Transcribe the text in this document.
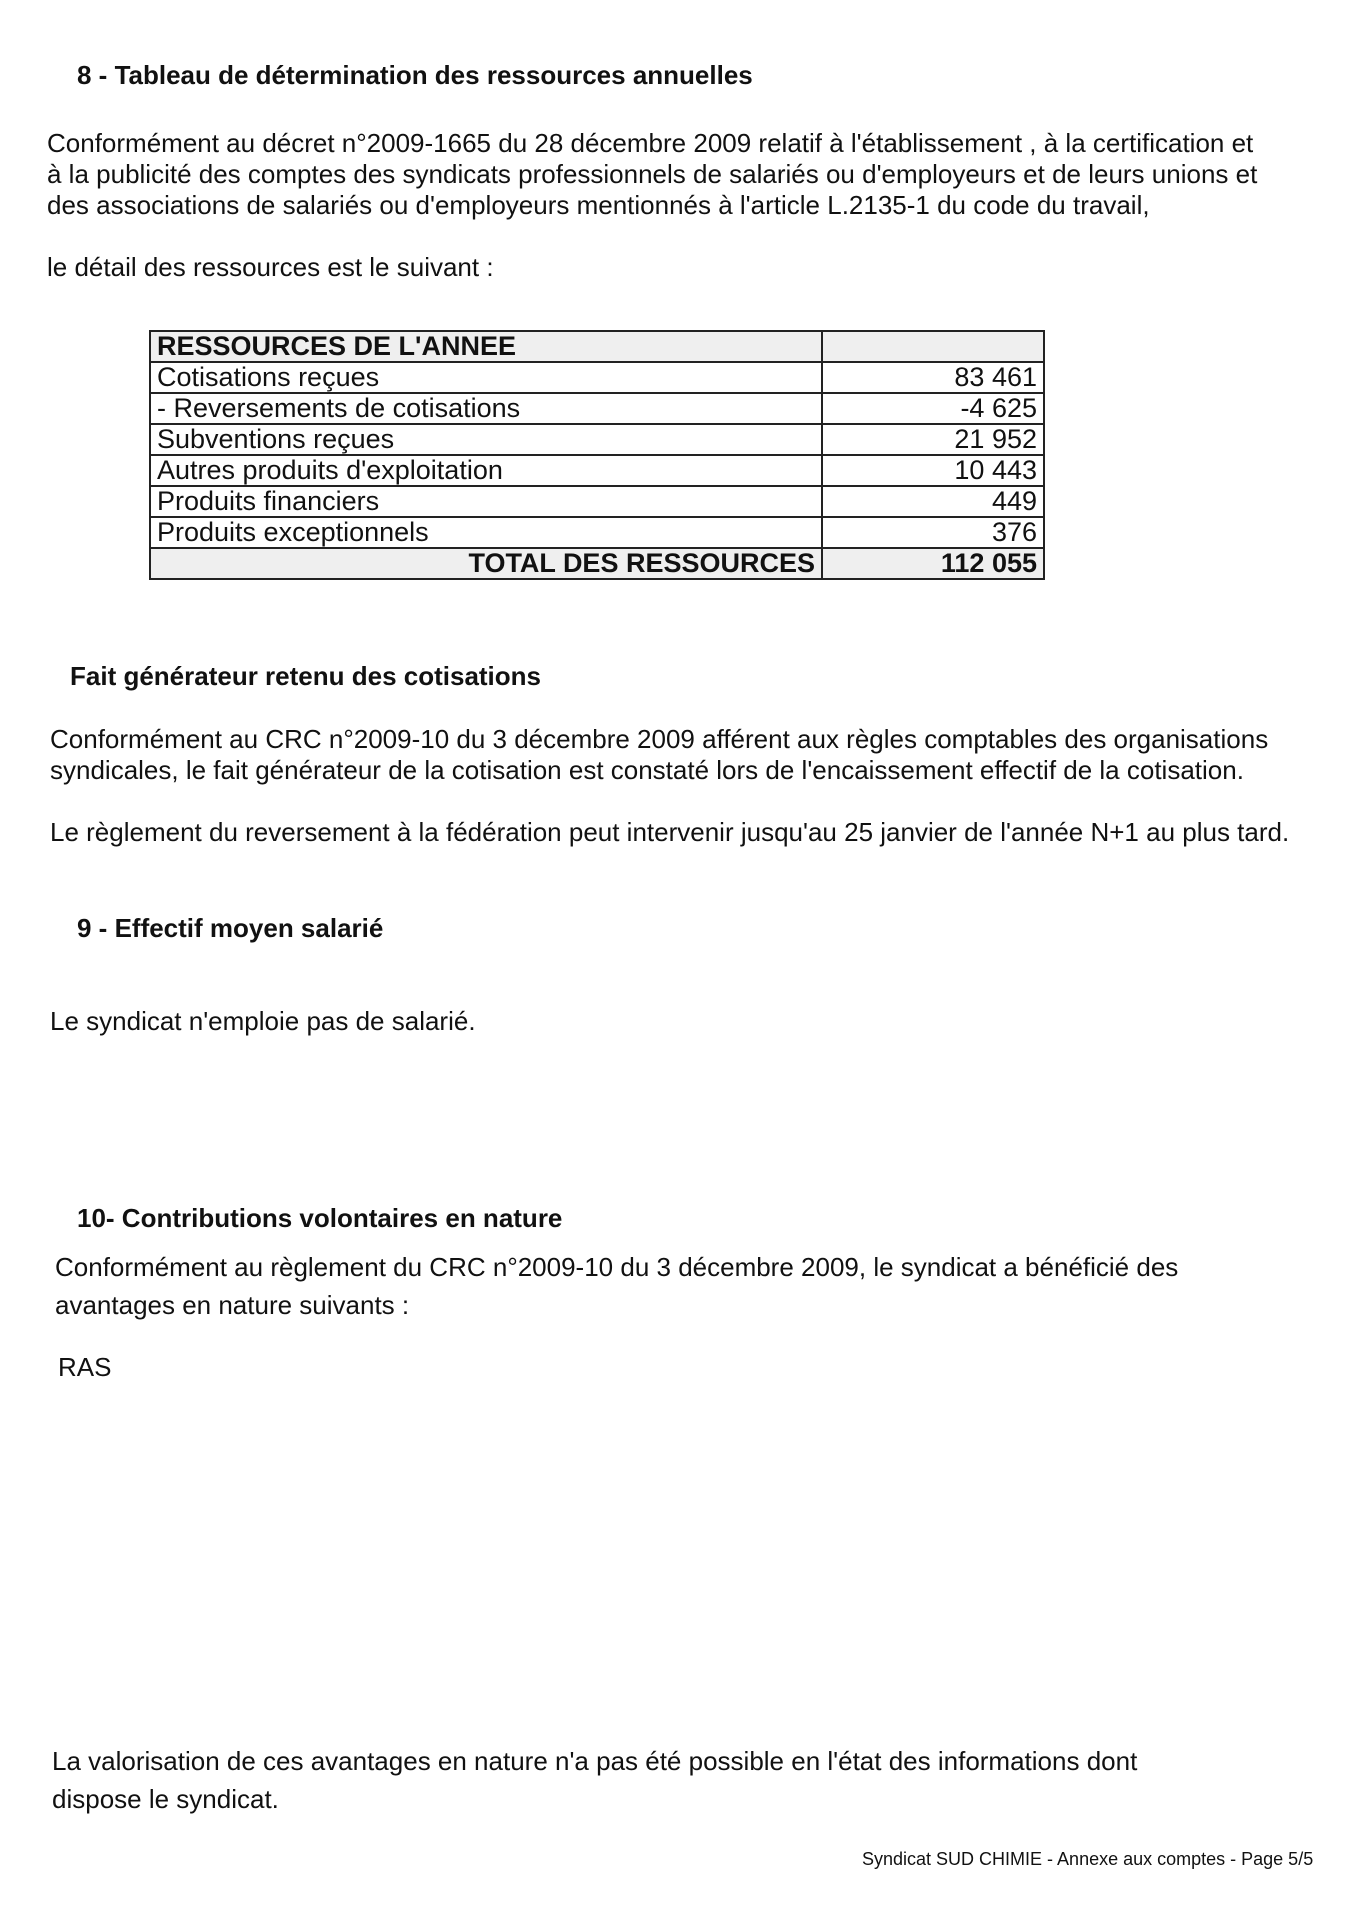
8 - Tableau de détermination des ressources annuelles
Conformément au décret n°2009-1665 du 28 décembre 2009 relatif à l'établissement , à la certification et
à la publicité des comptes des syndicats professionnels de salariés ou d'employeurs et de leurs unions et
des associations de salariés ou d'employeurs mentionnés à l'article L.2135-1 du code du travail,
le détail des ressources est le suivant :
RESSOURCES DE L'ANNEE	
Cotisations reçues	83 461
- Reversements de cotisations	-4 625
Subventions reçues	21 952
Autres produits d'exploitation	10 443
Produits financiers	449
Produits exceptionnels	376
TOTAL DES RESSOURCES	112 055
Fait générateur retenu des cotisations
Conformément au CRC n°2009-10 du 3 décembre 2009 afférent aux règles comptables des organisations
syndicales, le fait générateur de la cotisation est constaté lors de l'encaissement effectif de la cotisation.
Le règlement du reversement à la fédération peut intervenir jusqu'au 25 janvier de l'année N+1 au plus tard.
9 - Effectif moyen salarié
Le syndicat n'emploie pas de salarié.
10- Contributions volontaires en nature
Conformément au règlement du CRC n°2009-10 du 3 décembre 2009, le syndicat a bénéficié des
avantages en nature suivants :
RAS
La valorisation de ces avantages en nature n'a pas été possible en l'état des informations dont
dispose le syndicat.
Syndicat SUD CHIMIE - Annexe aux comptes - Page 5/5
